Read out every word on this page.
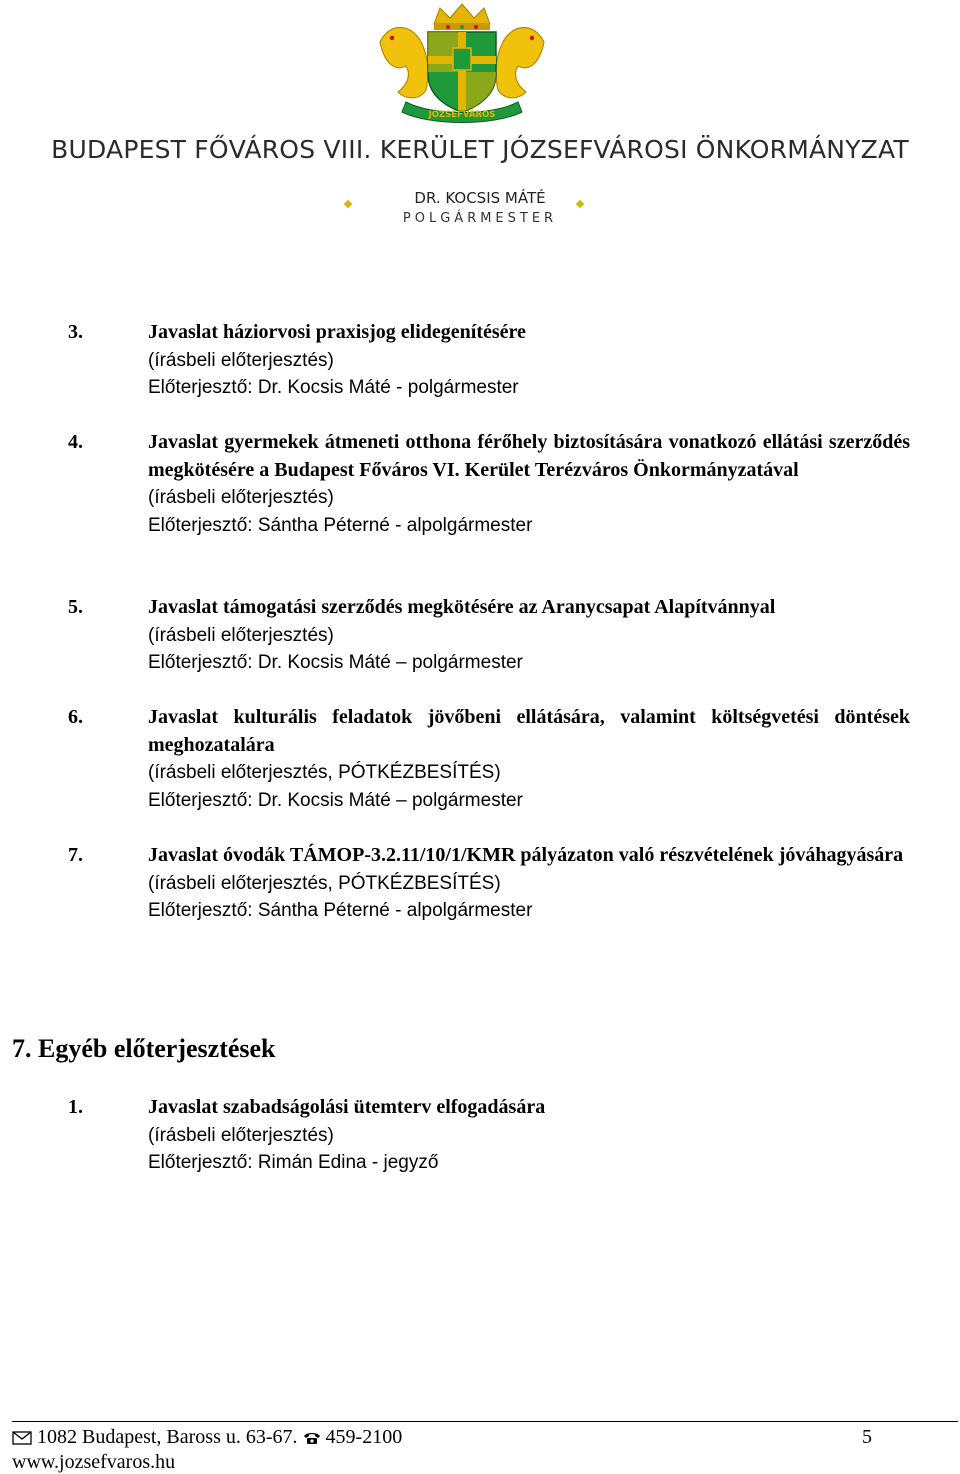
JÓZSEFVÁROS
BUDAPEST FŐVÁROS VIII. KERÜLET JÓZSEFVÁROSI ÖNKORMÁNYZAT
DR. KOCSIS MÁTÉ
POLGÁRMESTER
3.	Javaslat háziorvosi praxisjog elidegenítésére
(írásbeli előterjesztés)
Előterjesztő: Dr. Kocsis Máté - polgármester
4.	Javaslat gyermekek átmeneti otthona férőhely biztosítására vonatkozó ellátási szerződés megkötésére a Budapest Főváros VI. Kerület Terézváros Önkormányzatával
(írásbeli előterjesztés)
Előterjesztő: Sántha Péterné - alpolgármester
5.	Javaslat támogatási szerződés megkötésére az Aranycsapat Alapítvánnyal
(írásbeli előterjesztés)
Előterjesztő: Dr. Kocsis Máté – polgármester
6.	Javaslat kulturális feladatok jövőbeni ellátására, valamint költségvetési döntések meghozatalára
(írásbeli előterjesztés, PÓTKÉZBESÍTÉS)
Előterjesztő: Dr. Kocsis Máté – polgármester
7.	Javaslat óvodák TÁMOP-3.2.11/10/1/KMR pályázaton való részvételének jóváhagyására
(írásbeli előterjesztés, PÓTKÉZBESÍTÉS)
Előterjesztő: Sántha Péterné - alpolgármester
7. Egyéb előterjesztések
1.	Javaslat szabadságolási ütemterv elfogadására
(írásbeli előterjesztés)
Előterjesztő: Rimán Edina - jegyző
1082 Budapest, Baross u. 63-67. 459-2100	5
www.jozsefvaros.hu
